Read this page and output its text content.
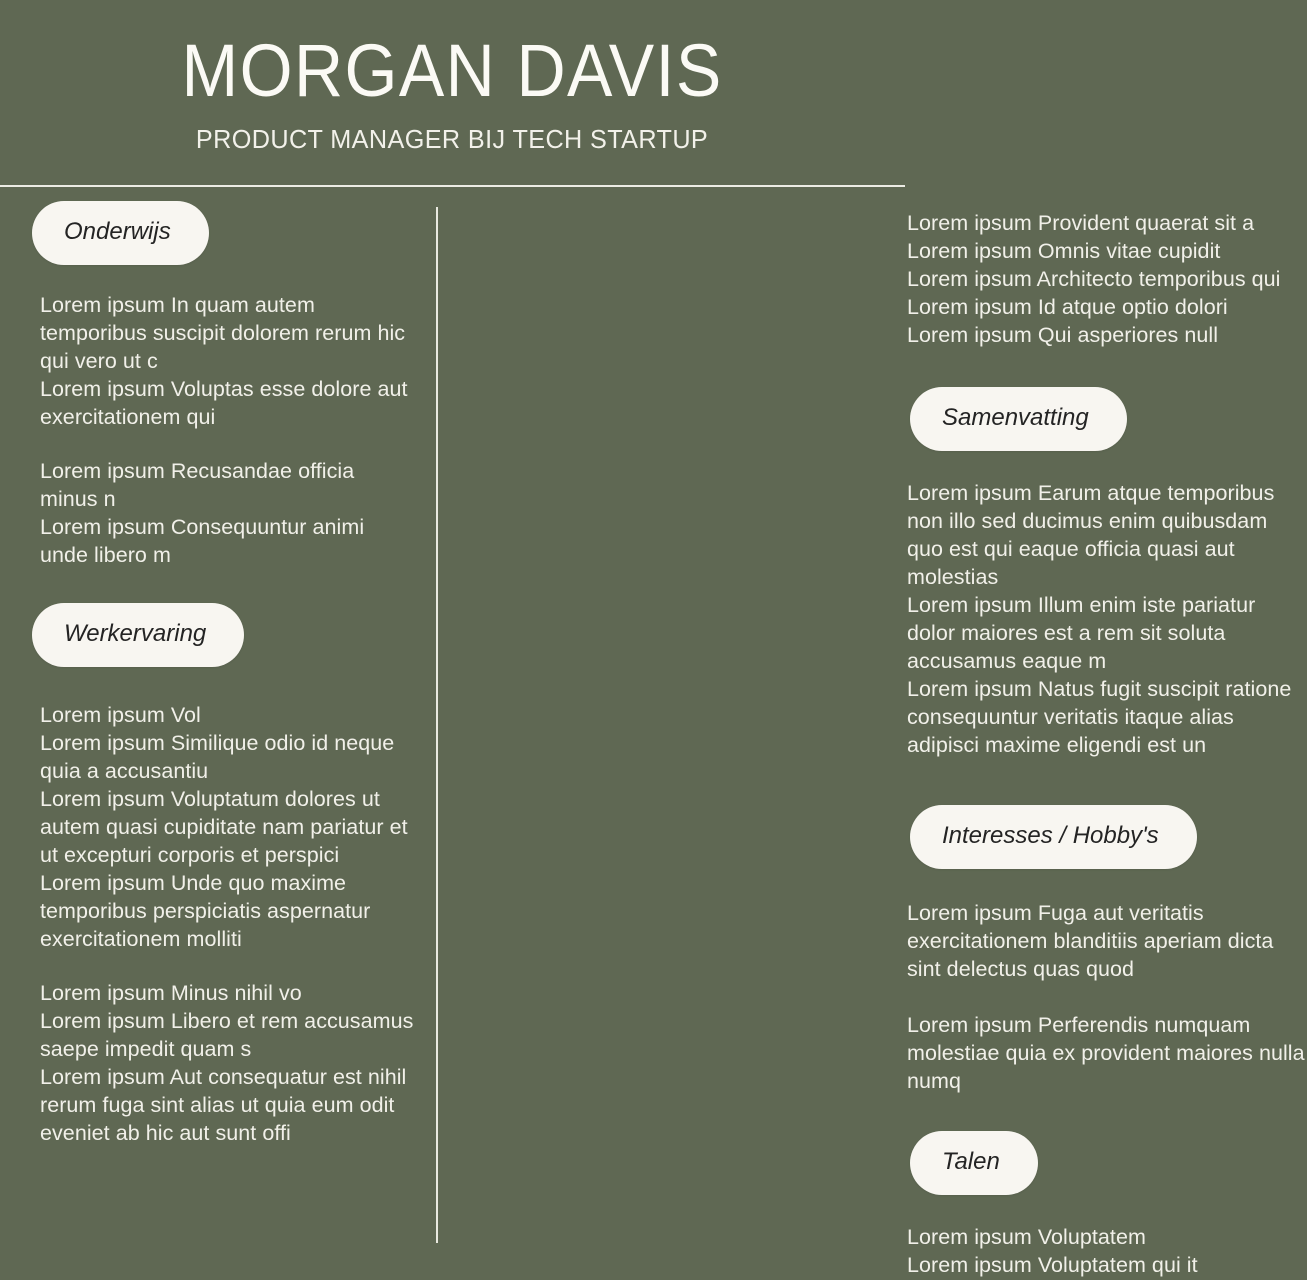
MORGAN DAVIS
PRODUCT MANAGER BIJ TECH STARTUP
Onderwijs
Lorem ipsum In quam autem temporibus suscipit dolorem rerum hic qui vero ut c
Lorem ipsum Voluptas esse dolore aut exercitationem qui
Lorem ipsum Recusandae officia minus n
Lorem ipsum Consequuntur animi unde libero m
Werkervaring
Lorem ipsum Vol
Lorem ipsum Similique odio id neque quia a accusantiu
Lorem ipsum Voluptatum dolores ut autem quasi cupiditate nam pariatur et ut excepturi corporis et perspici
Lorem ipsum Unde quo maxime temporibus perspiciatis aspernatur exercitationem molliti
Lorem ipsum Minus nihil vo
Lorem ipsum Libero et rem accusamus saepe impedit quam s
Lorem ipsum Aut consequatur est nihil rerum fuga sint alias ut quia eum odit eveniet ab hic aut sunt offi
Lorem ipsum Provident quaerat sit a
Lorem ipsum Omnis vitae cupidit
Lorem ipsum Architecto temporibus qui
Lorem ipsum Id atque optio dolori
Lorem ipsum Qui asperiores null
Samenvatting
Lorem ipsum Earum atque temporibus non illo sed ducimus enim quibusdam quo est qui eaque officia quasi aut molestias
Lorem ipsum Illum enim iste pariatur dolor maiores est a rem sit soluta accusamus eaque m
Lorem ipsum Natus fugit suscipit ratione consequuntur veritatis itaque alias adipisci maxime eligendi est un
Interesses / Hobby's
Lorem ipsum Fuga aut veritatis exercitationem blanditiis aperiam dicta sint delectus quas quod
Lorem ipsum Perferendis numquam molestiae quia ex provident maiores nulla numq
Talen
Lorem ipsum Voluptatem
Lorem ipsum Voluptatem qui it
